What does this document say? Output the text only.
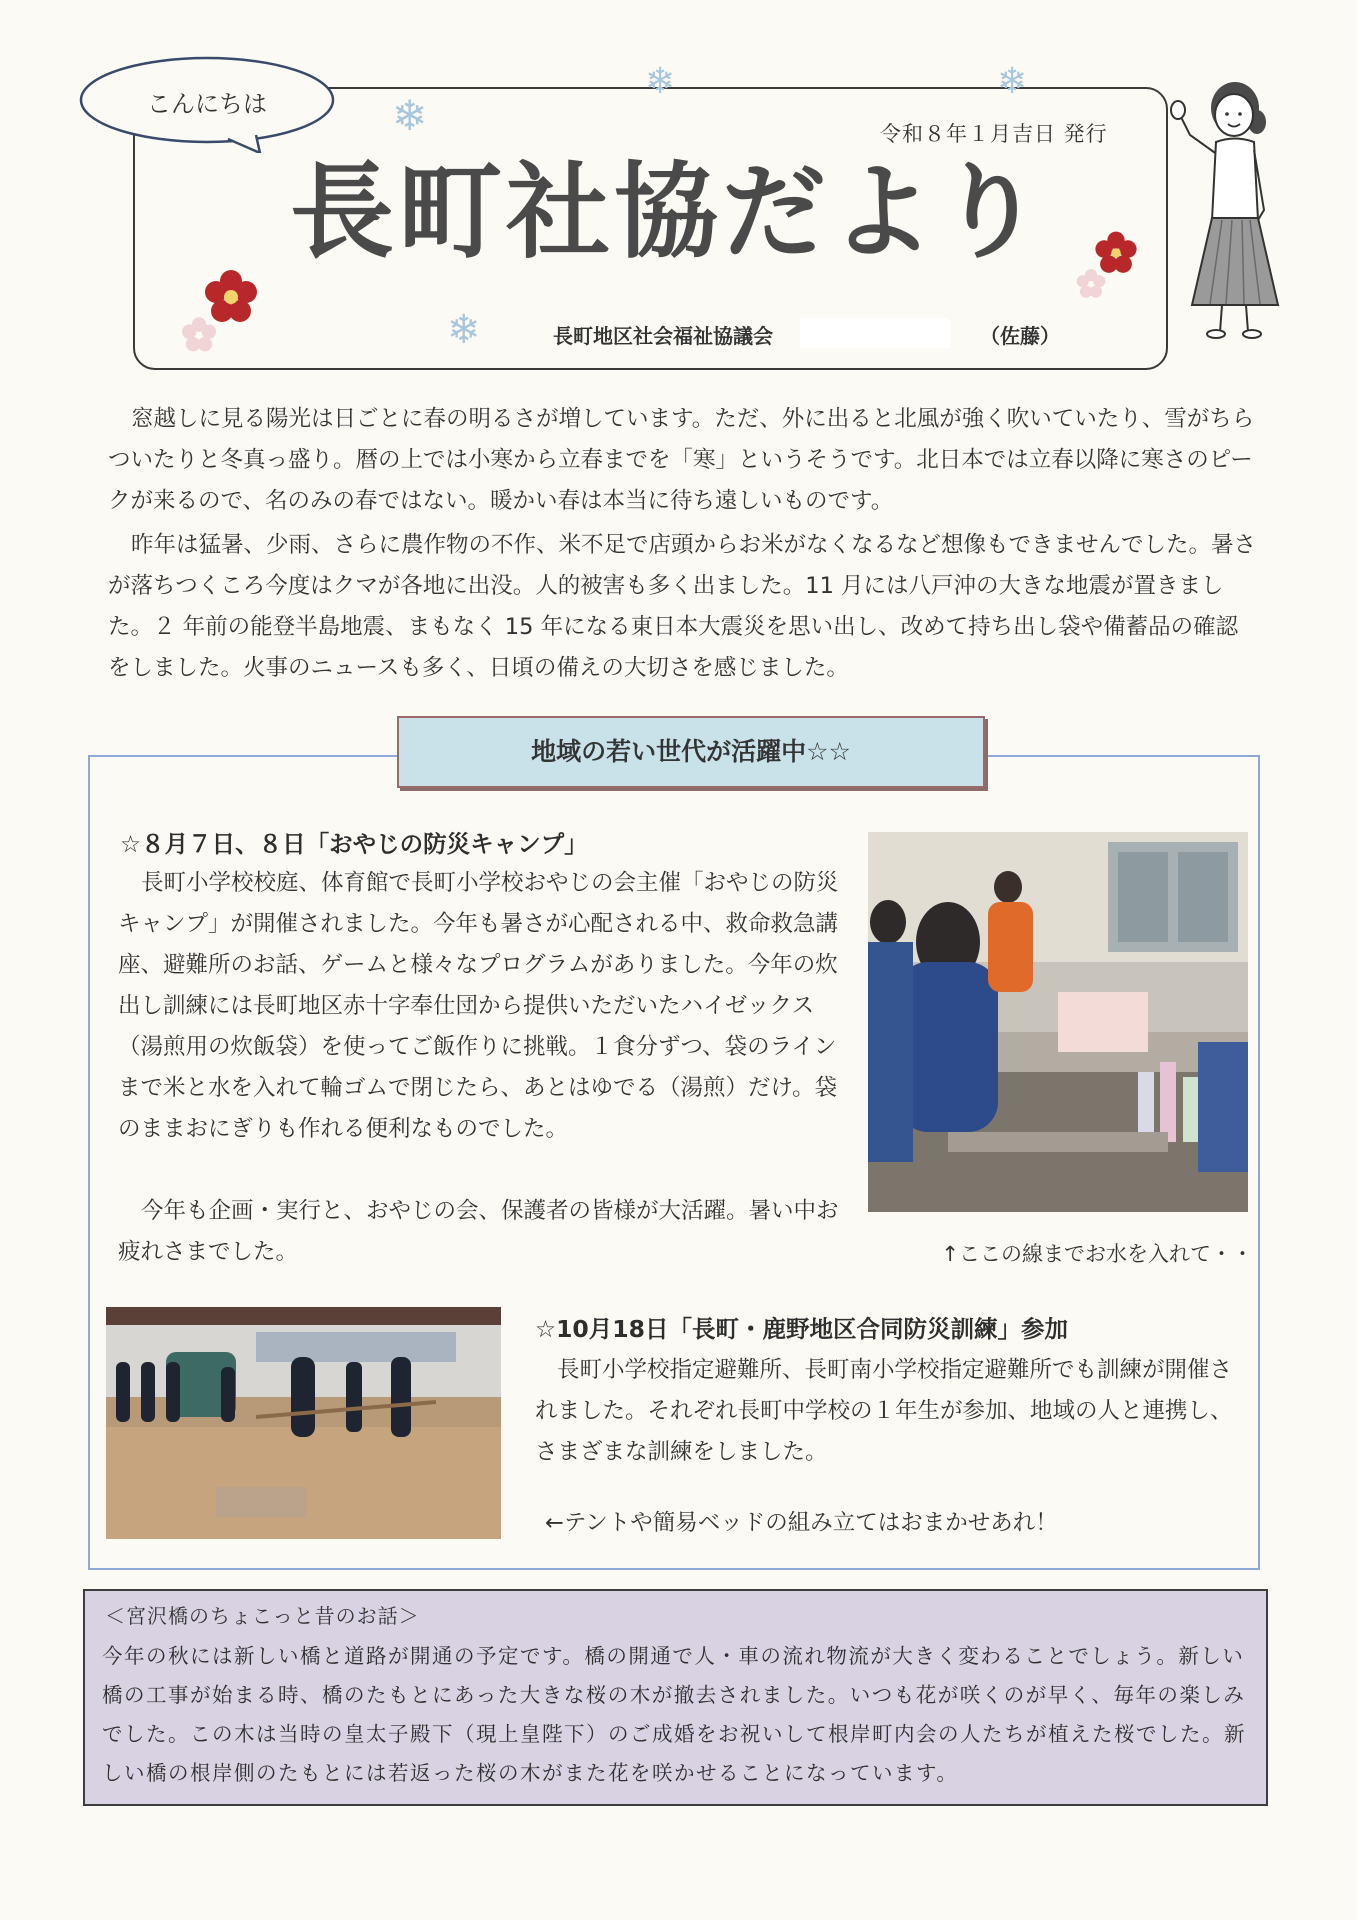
こんにちは	❄
❄	❄
❄
令和８年１月吉日 発行
長町社協だより
長町地区社会福祉協議会	（佐藤）
窓越しに見る陽光は日ごとに春の明るさが増しています。ただ、外に出ると北風が強く吹いていたり、雪がちらついたりと冬真っ盛り。暦の上では小寒から立春までを「寒」というそうです。北日本では立春以降に寒さのピークが来るので、名のみの春ではない。暖かい春は本当に待ち遠しいものです。
昨年は猛暑、少雨、さらに農作物の不作、米不足で店頭からお米がなくなるなど想像もできませんでした。暑さが落ちつくころ今度はクマが各地に出没。人的被害も多く出ました。11 月には八戸沖の大きな地震が置きました。２ 年前の能登半島地震、まもなく 15 年になる東日本大震災を思い出し、改めて持ち出し袋や備蓄品の確認をしました。火事のニュースも多く、日頃の備えの大切さを感じました。
地域の若い世代が活躍中☆☆
☆８月７日、８日「おやじの防災キャンプ」
長町小学校校庭、体育館で長町小学校おやじの会主催「おやじの防災キャンプ」が開催されました。今年も暑さが心配される中、救命救急講座、避難所のお話、ゲームと様々なプログラムがありました。今年の炊出し訓練には長町地区赤十字奉仕団から提供いただいたハイゼックス（湯煎用の炊飯袋）を使ってご飯作りに挑戦。１食分ずつ、袋のラインまで米と水を入れて輪ゴムで閉じたら、あとはゆでる（湯煎）だけ。袋のままおにぎりも作れる便利なものでした。
今年も企画・実行と、おやじの会、保護者の皆様が大活躍。暑い中お疲れさまでした。	↑ここの線までお水を入れて・・
☆10月18日「長町・鹿野地区合同防災訓練」参加
長町小学校指定避難所、長町南小学校指定避難所でも訓練が開催されました。それぞれ長町中学校の１年生が参加、地域の人と連携し、さまざまな訓練をしました。
←テントや簡易ベッドの組み立てはおまかせあれ！
＜宮沢橋のちょこっと昔のお話＞
今年の秋には新しい橋と道路が開通の予定です。橋の開通で人・車の流れ物流が大きく変わることでしょう。新しい橋の工事が始まる時、橋のたもとにあった大きな桜の木が撤去されました。いつも花が咲くのが早く、毎年の楽しみでした。この木は当時の皇太子殿下（現上皇陛下）のご成婚をお祝いして根岸町内会の人たちが植えた桜でした。新しい橋の根岸側のたもとには若返った桜の木がまた花を咲かせることになっています。
